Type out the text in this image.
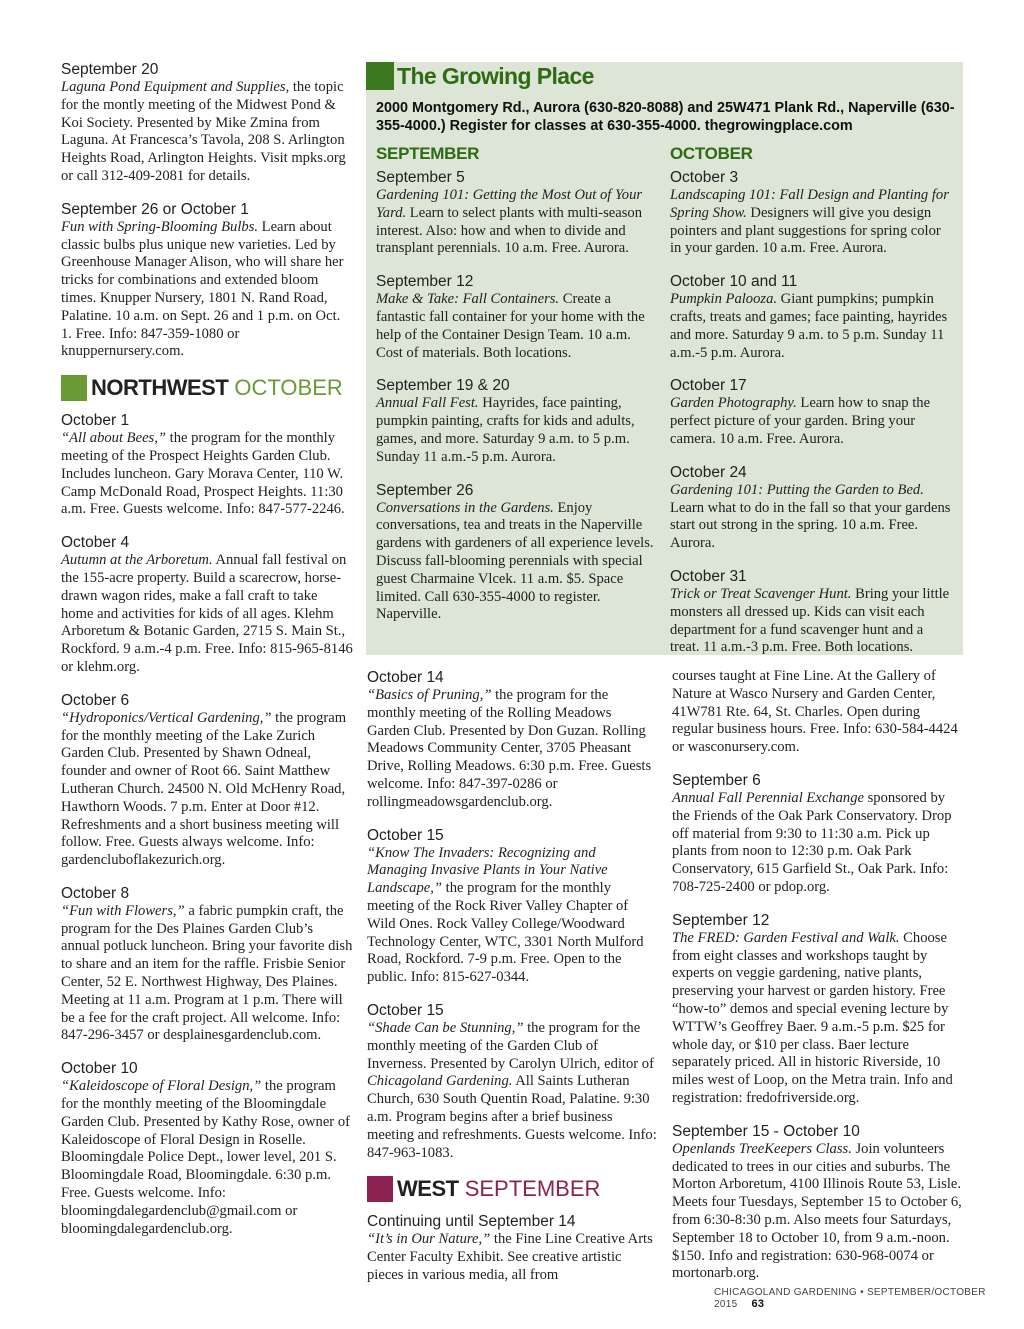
September 20

Laguna Pond Equipment and Supplies, the topic for the montly meeting of the Midwest Pond & Koi Society. Presented by Mike Zmina from Laguna. At Francesca’s Tavola, 208 S. Arlington Heights Road, Arlington Heights. Visit mpks.org or call 312-409-2081 for details.

September 26 or October 1

Fun with Spring-Blooming Bulbs. Learn about classic bulbs plus unique new varieties. Led by Greenhouse Manager Alison, who will share her tricks for combinations and extended bloom times. Knupper Nursery, 1801 N. Rand Road, Palatine. 10 a.m. on Sept. 26 and 1 p.m. on Oct. 1. Free. Info: 847-359-1080 or knuppernursery.com.

NORTHWEST OCTOBER

October 1

“All about Bees,” the program for the monthly meeting of the Prospect Heights Garden Club. Includes luncheon. Gary Morava Center, 110 W. Camp McDonald Road, Prospect Heights. 11:30 a.m. Free. Guests welcome. Info: 847-577-2246.

October 4

Autumn at the Arboretum. Annual fall festival on the 155-acre property. Build a scarecrow, horse-drawn wagon rides, make a fall craft to take home and activities for kids of all ages. Klehm Arboretum & Botanic Garden, 2715 S. Main St., Rockford. 9 a.m.-4 p.m. Free. Info: 815-965-8146 or klehm.org.

October 6

“Hydroponics/Vertical Gardening,” the program for the monthly meeting of the Lake Zurich Garden Club. Presented by Shawn Odneal, founder and owner of Root 66. Saint Matthew Lutheran Church. 24500 N. Old McHenry Road, Hawthorn Woods. 7 p.m. Enter at Door #12. Refreshments and a short business meeting will follow. Free. Guests always welcome. Info: gardencluboflakezurich.org.

October 8

“Fun with Flowers,” a fabric pumpkin craft, the program for the Des Plaines Garden Club’s annual potluck luncheon. Bring your favorite dish to share and an item for the raffle. Frisbie Senior Center, 52 E. Northwest Highway, Des Plaines. Meeting at 11 a.m. Program at 1 p.m. There will be a fee for the craft project. All welcome. Info: 847-296-3457 or desplainesgardenclub.com.

October 10

“Kaleidoscope of Floral Design,” the program for the monthly meeting of the Bloomingdale Garden Club. Presented by Kathy Rose, owner of Kaleidoscope of Floral Design in Roselle. Bloomingdale Police Dept., lower level, 201 S. Bloomingdale Road, Bloomingdale. 6:30 p.m. Free. Guests welcome. Info: bloomingdalegardenclub@gmail.com or bloomingdalegardenclub.org.

The Growing Place
2000 Montgomery Rd., Aurora (630-820-8088) and 25W471 Plank Rd., Naperville (630-355-4000.) Register for classes at 630-355-4000. thegrowingplace.com

SEPTEMBER

September 5

Gardening 101: Getting the Most Out of Your Yard. Learn to select plants with multi-season interest. Also: how and when to divide and transplant perennials. 10 a.m. Free. Aurora.

September 12

Make & Take: Fall Containers. Create a fantastic fall container for your home with the help of the Container Design Team. 10 a.m. Cost of materials. Both locations.

September 19 & 20

Annual Fall Fest. Hayrides, face painting, pumpkin painting, crafts for kids and adults, games, and more. Saturday 9 a.m. to 5 p.m. Sunday 11 a.m.-5 p.m. Aurora.

September 26

Conversations in the Gardens. Enjoy conversations, tea and treats in the Naperville gardens with gardeners of all experience levels. Discuss fall-blooming perennials with special guest Charmaine Vlcek. 11 a.m. $5. Space limited. Call 630-355-4000 to register. Naperville.

OCTOBER

October 3

Landscaping 101: Fall Design and Planting for Spring Show. Designers will give you design pointers and plant suggestions for spring color in your garden. 10 a.m. Free. Aurora.

October 10 and 11

Pumpkin Palooza. Giant pumpkins; pumpkin crafts, treats and games; face painting, hayrides and more. Saturday 9 a.m. to 5 p.m. Sunday 11 a.m.-5 p.m. Aurora.

October 17

Garden Photography. Learn how to snap the perfect picture of your garden. Bring your camera. 10 a.m. Free. Aurora.

October 24

Gardening 101: Putting the Garden to Bed. Learn what to do in the fall so that your gardens start out strong in the spring. 10 a.m. Free. Aurora.

October 31

Trick or Treat Scavenger Hunt. Bring your little monsters all dressed up. Kids can visit each department for a fund scavenger hunt and a treat. 11 a.m.-3 p.m. Free. Both locations.

October 14

“Basics of Pruning,” the program for the monthly meeting of the Rolling Meadows Garden Club. Presented by Don Guzan. Rolling Meadows Community Center, 3705 Pheasant Drive, Rolling Meadows. 6:30 p.m. Free. Guests welcome. Info: 847-397-0286 or rollingmeadowsgardenclub.org.

October 15

“Know The Invaders: Recognizing and Managing Invasive Plants in Your Native Landscape,” the program for the monthly meeting of the Rock River Valley Chapter of Wild Ones. Rock Valley College/Woodward Technology Center, WTC, 3301 North Mulford Road, Rockford. 7-9 p.m. Free. Open to the public. Info: 815-627-0344.

October 15

“Shade Can be Stunning,” the program for the monthly meeting of the Garden Club of Inverness. Presented by Carolyn Ulrich, editor of Chicagoland Gardening. All Saints Lutheran Church, 630 South Quentin Road, Palatine. 9:30 a.m. Program begins after a brief business meeting and refreshments. Guests welcome. Info: 847-963-1083.

WEST SEPTEMBER

Continuing until September 14

“It’s in Our Nature,” the Fine Line Creative Arts Center Faculty Exhibit. See creative artistic pieces in various media, all from

courses taught at Fine Line. At the Gallery of Nature at Wasco Nursery and Garden Center, 41W781 Rte. 64, St. Charles. Open during regular business hours. Free. Info: 630-584-4424 or wasconursery.com.

September 6

Annual Fall Perennial Exchange sponsored by the Friends of the Oak Park Conservatory. Drop off material from 9:30 to 11:30 a.m. Pick up plants from noon to 12:30 p.m. Oak Park Conservatory, 615 Garfield St., Oak Park. Info: 708-725-2400 or pdop.org.

September 12

The FRED: Garden Festival and Walk. Choose from eight classes and workshops taught by experts on veggie gardening, native plants, preserving your harvest or garden history. Free “how-to” demos and special evening lecture by WTTW’s Geoffrey Baer. 9 a.m.-5 p.m. $25 for whole day, or $10 per class. Baer lecture separately priced. All in historic Riverside, 10 miles west of Loop, on the Metra train. Info and registration: fredofriverside.org.

September 15 - October 10

Openlands TreeKeepers Class. Join volunteers dedicated to trees in our cities and suburbs. The Morton Arboretum, 4100 Illinois Route 53, Lisle. Meets four Tuesdays, September 15 to October 6, from 6:30-8:30 p.m. Also meets four Saturdays, September 18 to October 10, from 9 a.m.-noon. $150. Info and registration: 630-968-0074 or mortonarb.org.

CHICAGOLAND GARDENING • SEPTEMBER/OCTOBER 2015 63
